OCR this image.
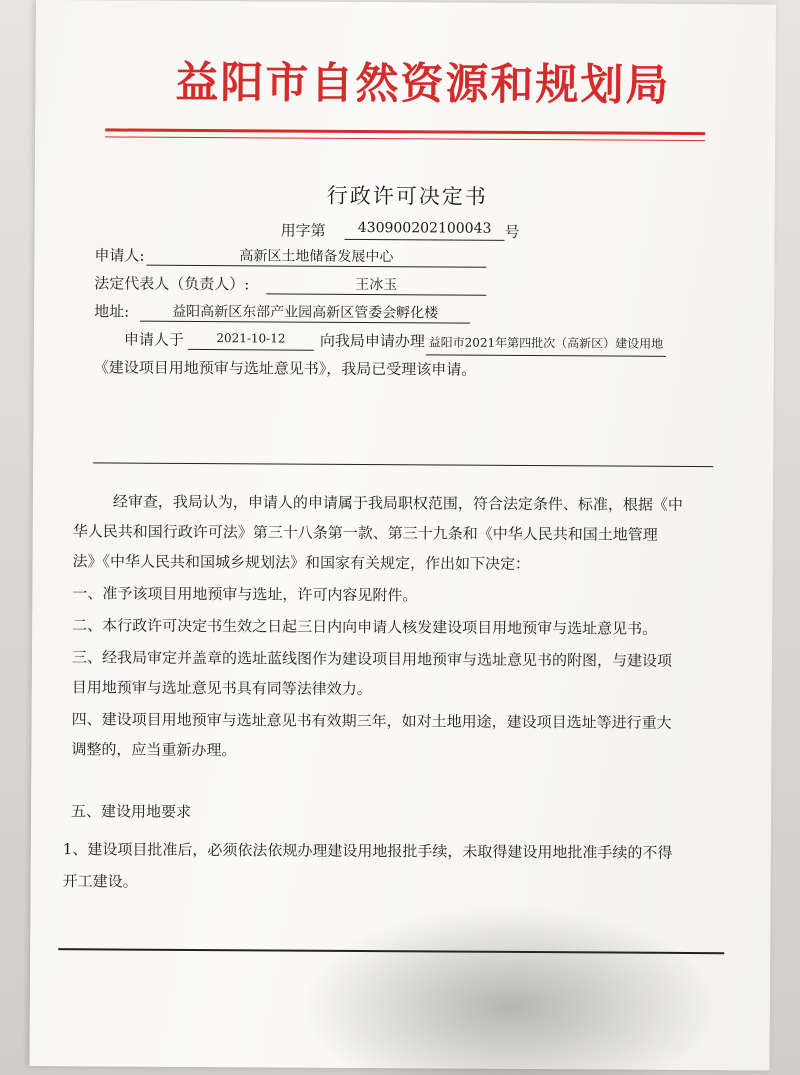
益阳市自然资源和规划局
行政许可决定书
用字第	430900202100043 号
申请人:	高新区土地储备发展中心
法定代表人（负责人）:	王冰玉
地址:	益阳高新区东部产业园高新区管委会孵化楼
申请人于	2021-10-12	向我局申请办理 益阳市2021年第四批次（高新区）建设用地
《建设项目用地预审与选址意见书》，我局已受理该申请。
经审查，我局认为，申请人的申请属于我局职权范围，符合法定条件、标准，根据《中
华人民共和国行政许可法》第三十八条第一款、第三十九条和《中华人民共和国土地管理
法》《中华人民共和国城乡规划法》和国家有关规定，作出如下决定：
一、准予该项目用地预审与选址，许可内容见附件。
二、本行政许可决定书生效之日起三日内向申请人核发建设项目用地预审与选址意见书。
三、经我局审定并盖章的选址蓝线图作为建设项目用地预审与选址意见书的附图，与建设项
目用地预审与选址意见书具有同等法律效力。
四、建设项目用地预审与选址意见书有效期三年，如对土地用途，建设项目选址等进行重大
调整的，应当重新办理。
五、建设用地要求
1、建设项目批准后，必须依法依规办理建设用地报批手续，未取得建设用地批准手续的不得
开工建设。
